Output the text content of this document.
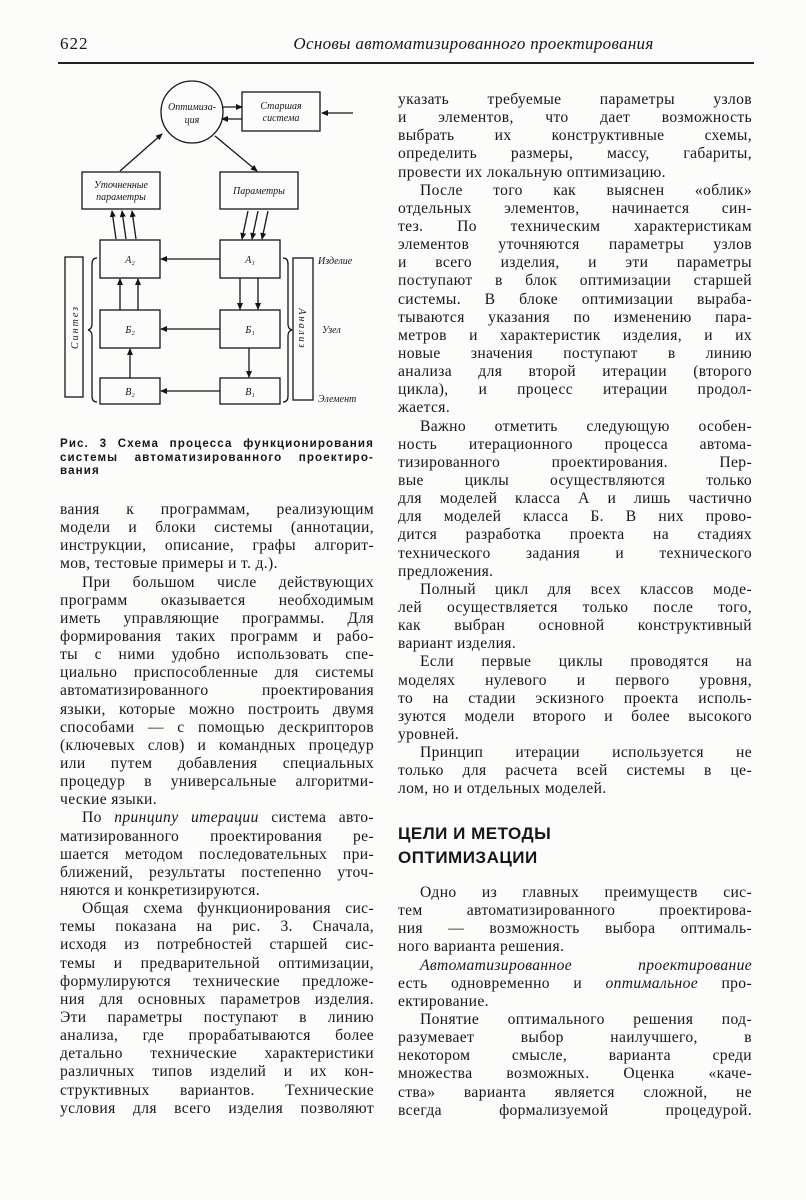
622	Основы автоматизированного проектирования
Оптимиза-
ция
Старшая
система
Уточненные
параметры
Параметры
A₂	A₁
Б₂	Б₁
В₂	В₁
Синтез	Анализ
Изделие
Узел
Элемент
Рис. 3 Схема процесса функционирования
системы автоматизированного проектиро-
вания
вания к программам, реализующим
модели и блоки системы (аннотации,
инструкции, описание, графы алгорит-
мов, тестовые примеры и т. д.).
При большом числе действующих
программ оказывается необходимым
иметь управляющие программы. Для
формирования таких программ и рабо-
ты с ними удобно использовать спе-
циально приспособленные для системы
автоматизированного проектирования
языки, которые можно построить двумя
способами — с помощью дескрипторов
(ключевых слов) и командных процедур
или путем добавления специальных
процедур в универсальные алгоритми-
ческие языки.
По принципу итерации система авто-
матизированного проектирования ре-
шается методом последовательных при-
ближений, результаты постепенно уточ-
няются и конкретизируются.
Общая схема функционирования сис-
темы показана на рис. 3. Сначала,
исходя из потребностей старшей сис-
темы и предварительной оптимизации,
формулируются технические предложе-
ния для основных параметров изделия.
Эти параметры поступают в линию
анализа, где прорабатываются более
детально технические характеристики
различных типов изделий и их кон-
структивных вариантов. Технические
условия для всего изделия позволяют
указать требуемые параметры узлов
и элементов, что дает возможность
выбрать их конструктивные схемы,
определить размеры, массу, габариты,
провести их локальную оптимизацию.
После того как выяснен «облик»
отдельных элементов, начинается син-
тез. По техническим характеристикам
элементов уточняются параметры узлов
и всего изделия, и эти параметры
поступают в блок оптимизации старшей
системы. В блоке оптимизации выраба-
тываются указания по изменению пара-
метров и характеристик изделия, и их
новые значения поступают в линию
анализа для второй итерации (второго
цикла), и процесс итерации продол-
жается.
Важно отметить следующую особен-
ность итерационного процесса автома-
тизированного проектирования. Пер-
вые циклы осуществляются только
для моделей класса А и лишь частично
для моделей класса Б. В них прово-
дится разработка проекта на стадиях
технического задания и технического
предложения.
Полный цикл для всех классов моде-
лей осуществляется только после того,
как выбран основной конструктивный
вариант изделия.
Если первые циклы проводятся на
моделях нулевого и первого уровня,
то на стадии эскизного проекта исполь-
зуются модели второго и более высокого
уровней.
Принцип итерации используется не
только для расчета всей системы в це-
лом, но и отдельных моделей.
ЦЕЛИ И МЕТОДЫ
ОПТИМИЗАЦИИ
Одно из главных преимуществ сис-
тем автоматизированного проектирова-
ния — возможность выбора оптималь-
ного варианта решения.
Автоматизированное проектирование
есть одновременно и оптимальное про-
ектирование.
Понятие оптимального решения под-
разумевает выбор наилучшего, в
некотором смысле, варианта среди
множества возможных. Оценка «каче-
ства» варианта является сложной, не
всегда формализуемой процедурой.
